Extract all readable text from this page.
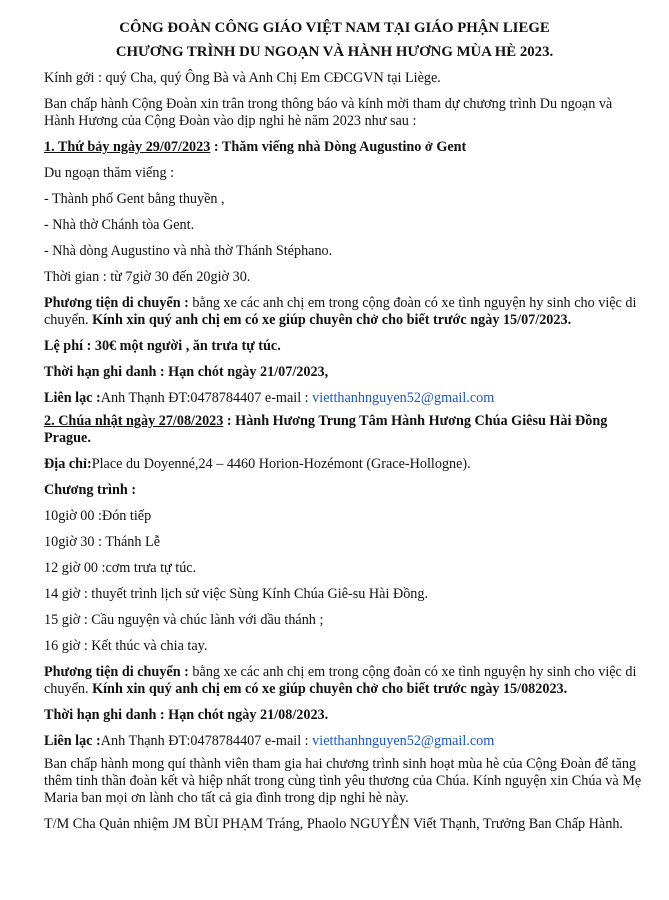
CÔNG ĐOÀN CÔNG GIÁO VIỆT NAM TẠI GIÁO PHẬN LIEGE
CHƯƠNG TRÌNH DU NGOẠN VÀ HÀNH HƯƠNG MÙA HÈ 2023.

Kính gởi : quý Cha, quý Ông Bà và Anh Chị Em CĐCGVN tại Liège.

Ban chấp hành Cộng Đoàn xin trân trong thông báo và kính mời tham dự chương trình Du ngoạn và Hành Hương của Cộng Đoàn vào dịp nghỉ hè năm 2023 như sau :

1. Thứ bảy ngày 29/07/2023 : Thăm viếng nhà Dòng Augustino ở Gent

Du ngoạn thăm viếng :

- Thành phố Gent bằng thuyền ,

- Nhà thờ Chánh tòa Gent.

- Nhà dòng Augustino và nhà thờ Thánh Stéphano.

Thời gian : từ 7giờ 30 đến 20giờ 30.

Phương tiện di chuyển : bằng xe các anh chị em trong cộng đoàn có xe tình nguyện hy sinh cho việc di chuyển. Kính xin quý anh chị em có xe giúp chuyên chở cho biết trước ngày 15/07/2023.

Lệ phí : 30€ một người , ăn trưa tự túc.

Thời hạn ghi danh : Hạn chót ngày 21/07/2023,

Liên lạc :Anh Thạnh ĐT:0478784407 e-mail : vietthanhnguyen52@gmail.com

2. Chúa nhật ngày 27/08/2023 : Hành Hương Trung Tâm Hành Hương Chúa Giêsu Hài Đồng Prague.

Địa chỉ:Place du Doyenné,24 – 4460 Horion-Hozémont (Grace-Hollogne).

Chương trình :

10giờ 00 :Đón tiếp

10giờ 30 : Thánh Lễ

12 giờ 00 :cơm trưa tự túc.

14 giờ : thuyết trình lịch sử việc Sùng Kính Chúa Giê-su Hài Đồng.

15 giờ : Cầu nguyện và chúc lành với dầu thánh ;

16 giờ : Kết thúc và chia tay.

Phương tiện di chuyển : bằng xe các anh chị em trong cộng đoàn có xe tình nguyện hy sinh cho việc di chuyển. Kính xin quý anh chị em có xe giúp chuyên chở cho biết trước ngày 15/082023.

Thời hạn ghi danh : Hạn chót ngày 21/08/2023.

Liên lạc :Anh Thạnh ĐT:0478784407 e-mail : vietthanhnguyen52@gmail.com

Ban chấp hành mong quí thành viên tham gia hai chương trình sinh hoạt mùa hè của Cộng Đoàn để tăng thêm tinh thần đoàn kết và hiệp nhất trong cùng tình yêu thương của Chúa. Kính nguyện xin Chúa và Mẹ Maria ban mọi ơn lành cho tất cả gia đình trong dịp nghỉ hè này.

T/M Cha Quản nhiệm JM BÙI PHẠM Tráng, Phaolo NGUYỄN Viết Thạnh, Trưởng Ban Chấp Hành.
